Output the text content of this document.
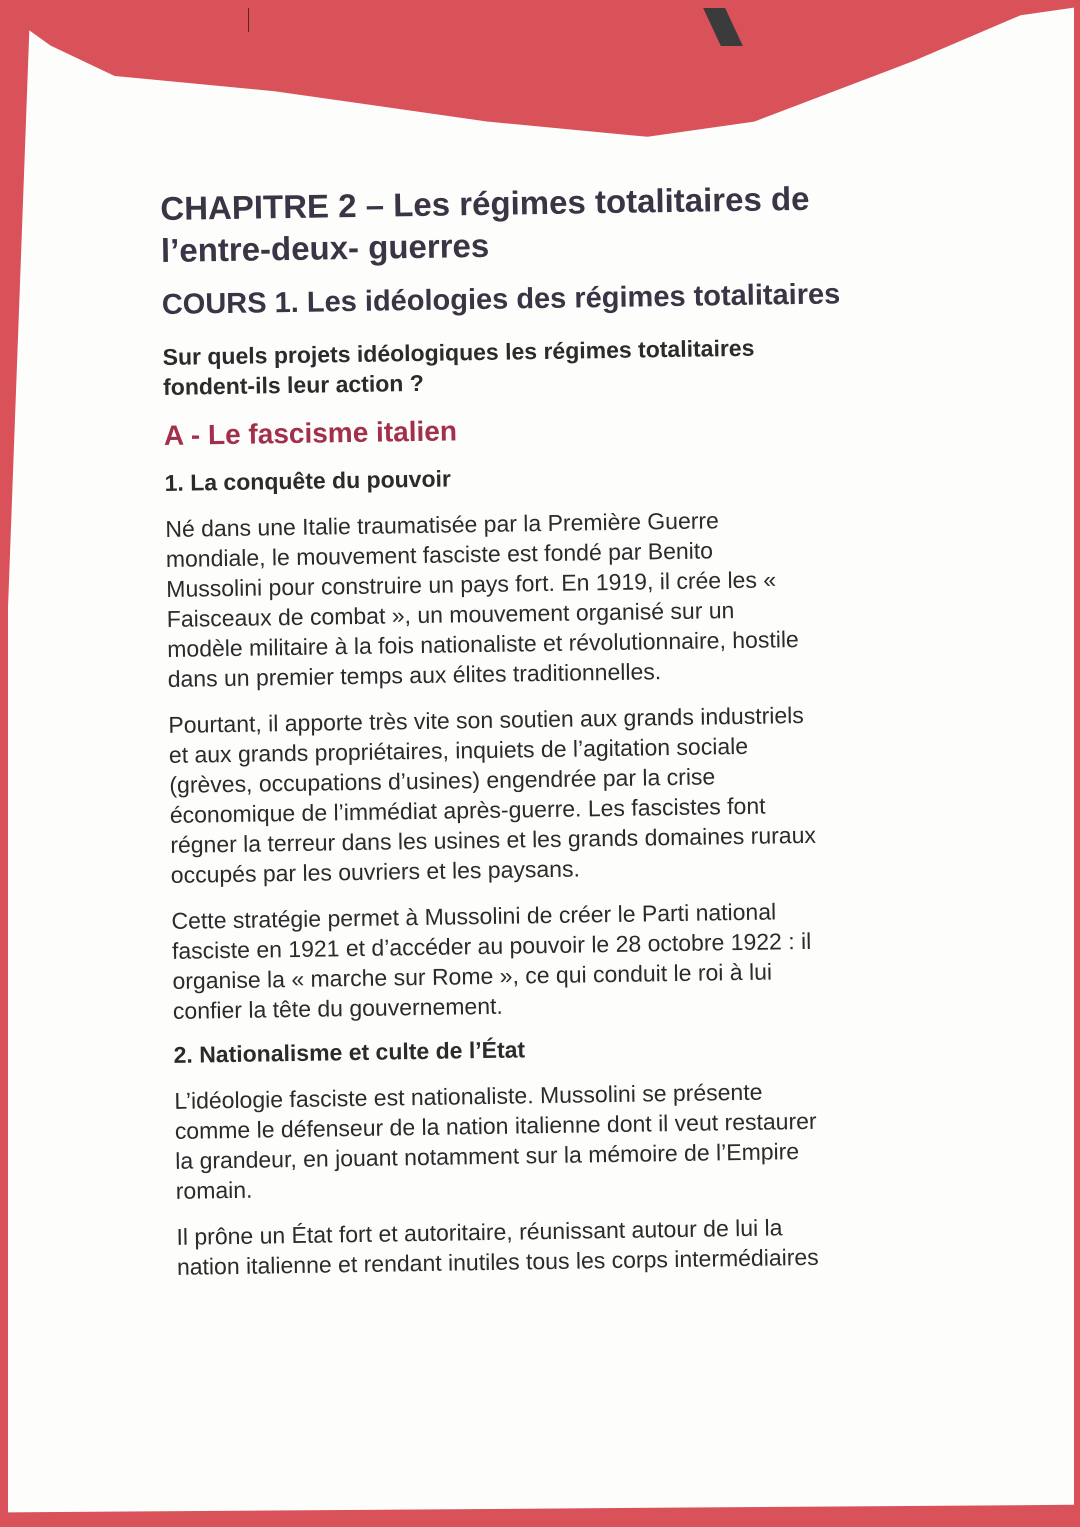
CHAPITRE 2 – Les régimes totalitaires de
l’entre-deux- guerres
COURS 1. Les idéologies des régimes totalitaires
Sur quels projets idéologiques les régimes totalitaires
fondent-ils leur action ?
A - Le fascisme italien
1. La conquête du pouvoir
Né dans une Italie traumatisée par la Première Guerre
mondiale, le mouvement fasciste est fondé par Benito
Mussolini pour construire un pays fort. En 1919, il crée les «
Faisceaux de combat », un mouvement organisé sur un
modèle militaire à la fois nationaliste et révolutionnaire, hostile
dans un premier temps aux élites traditionnelles.
Pourtant, il apporte très vite son soutien aux grands industriels
et aux grands propriétaires, inquiets de l’agitation sociale
(grèves, occupations d’usines) engendrée par la crise
économique de l’immédiat après-guerre. Les fascistes font
régner la terreur dans les usines et les grands domaines ruraux
occupés par les ouvriers et les paysans.
Cette stratégie permet à Mussolini de créer le Parti national
fasciste en 1921 et d’accéder au pouvoir le 28 octobre 1922 : il
organise la « marche sur Rome », ce qui conduit le roi à lui
confier la tête du gouvernement.
2. Nationalisme et culte de l’État
L’idéologie fasciste est nationaliste. Mussolini se présente
comme le défenseur de la nation italienne dont il veut restaurer
la grandeur, en jouant notamment sur la mémoire de l’Empire
romain.
Il prône un État fort et autoritaire, réunissant autour de lui la
nation italienne et rendant inutiles tous les corps intermédiaires
